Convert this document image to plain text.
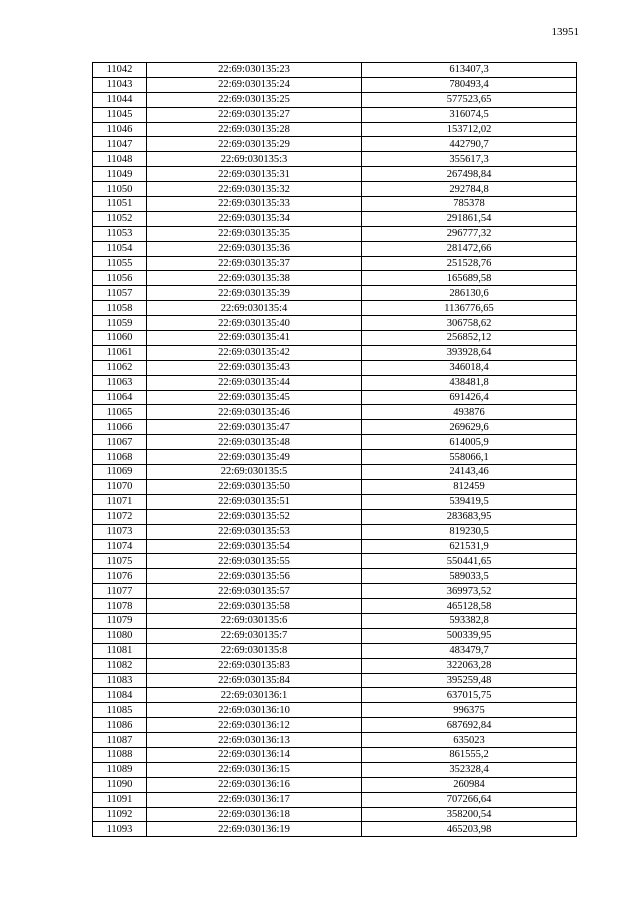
13951
11042	22:69:030135:23	613407,3
11043	22:69:030135:24	780493,4
11044	22:69:030135:25	577523,65
11045	22:69:030135:27	316074,5
11046	22:69:030135:28	153712,02
11047	22:69:030135:29	442790,7
11048	22:69:030135:3	355617,3
11049	22:69:030135:31	267498,84
11050	22:69:030135:32	292784,8
11051	22:69:030135:33	785378
11052	22:69:030135:34	291861,54
11053	22:69:030135:35	296777,32
11054	22:69:030135:36	281472,66
11055	22:69:030135:37	251528,76
11056	22:69:030135:38	165689,58
11057	22:69:030135:39	286130,6
11058	22:69:030135:4	1136776,65
11059	22:69:030135:40	306758,62
11060	22:69:030135:41	256852,12
11061	22:69:030135:42	393928,64
11062	22:69:030135:43	346018,4
11063	22:69:030135:44	438481,8
11064	22:69:030135:45	691426,4
11065	22:69:030135:46	493876
11066	22:69:030135:47	269629,6
11067	22:69:030135:48	614005,9
11068	22:69:030135:49	558066,1
11069	22:69:030135:5	24143,46
11070	22:69:030135:50	812459
11071	22:69:030135:51	539419,5
11072	22:69:030135:52	283683,95
11073	22:69:030135:53	819230,5
11074	22:69:030135:54	621531,9
11075	22:69:030135:55	550441,65
11076	22:69:030135:56	589033,5
11077	22:69:030135:57	369973,52
11078	22:69:030135:58	465128,58
11079	22:69:030135:6	593382,8
11080	22:69:030135:7	500339,95
11081	22:69:030135:8	483479,7
11082	22:69:030135:83	322063,28
11083	22:69:030135:84	395259,48
11084	22:69:030136:1	637015,75
11085	22:69:030136:10	996375
11086	22:69:030136:12	687692,84
11087	22:69:030136:13	635023
11088	22:69:030136:14	861555,2
11089	22:69:030136:15	352328,4
11090	22:69:030136:16	260984
11091	22:69:030136:17	707266,64
11092	22:69:030136:18	358200,54
11093	22:69:030136:19	465203,98
